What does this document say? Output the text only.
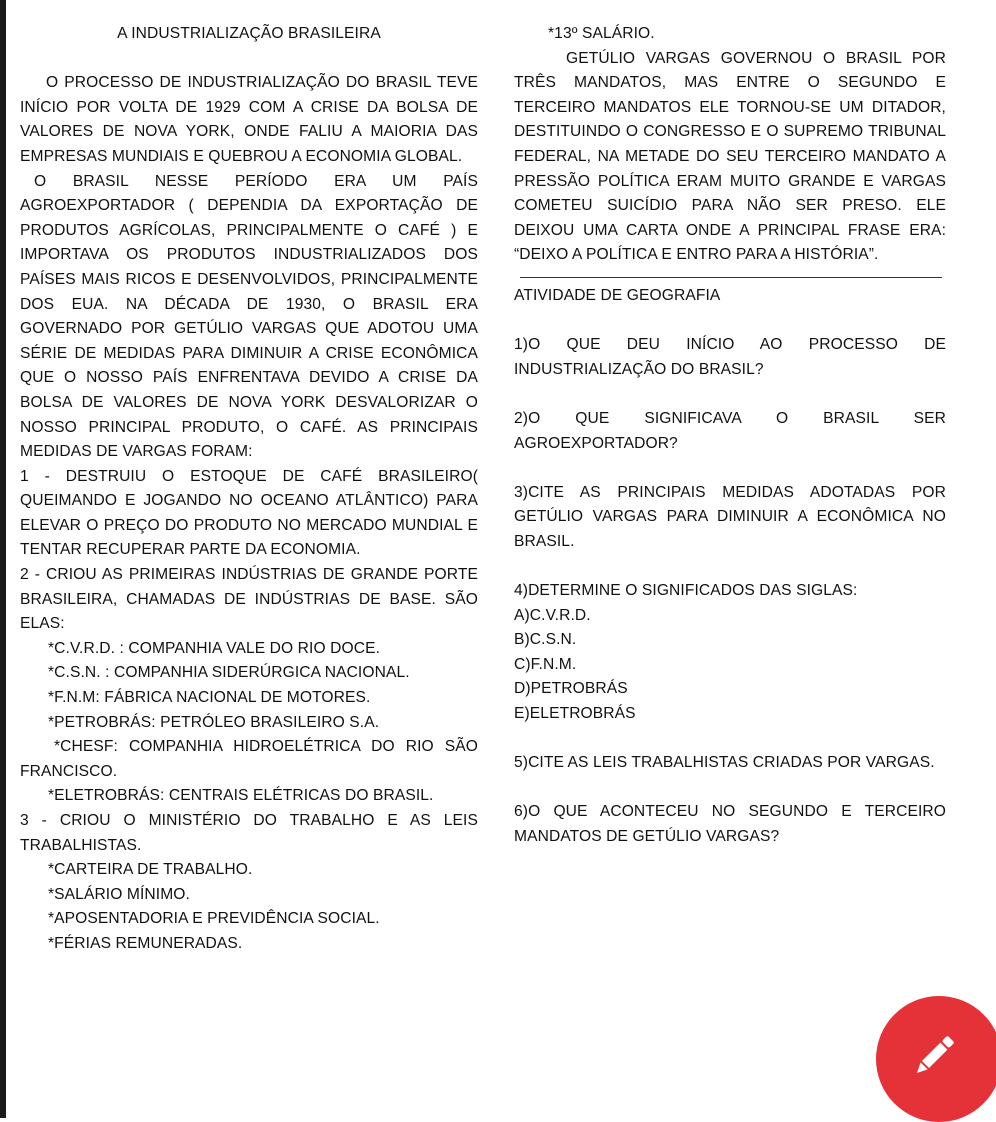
A INDUSTRIALIZAÇÃO BRASILEIRA

O PROCESSO DE INDUSTRIALIZAÇÃO DO BRASIL TEVE INÍCIO POR VOLTA DE 1929 COM A CRISE DA BOLSA DE VALORES DE NOVA YORK, ONDE FALIU A MAIORIA DAS EMPRESAS MUNDIAIS E QUEBROU A ECONOMIA GLOBAL.

O BRASIL NESSE PERÍODO ERA UM PAÍS AGROEXPORTADOR ( DEPENDIA DA EXPORTAÇÃO DE PRODUTOS AGRÍCOLAS, PRINCIPALMENTE O CAFÉ ) E IMPORTAVA OS PRODUTOS INDUSTRIALIZADOS DOS PAÍSES MAIS RICOS E DESENVOLVIDOS, PRINCIPALMENTE DOS EUA. NA DÉCADA DE 1930, O BRASIL ERA GOVERNADO POR GETÚLIO VARGAS QUE ADOTOU UMA SÉRIE DE MEDIDAS PARA DIMINUIR A CRISE ECONÔMICA QUE O NOSSO PAÍS ENFRENTAVA DEVIDO A CRISE DA BOLSA DE VALORES DE NOVA YORK DESVALORIZAR O NOSSO PRINCIPAL PRODUTO, O CAFÉ. AS PRINCIPAIS MEDIDAS DE VARGAS FORAM:

1 - DESTRUIU O ESTOQUE DE CAFÉ BRASILEIRO( QUEIMANDO E JOGANDO NO OCEANO ATLÂNTICO) PARA ELEVAR O PREÇO DO PRODUTO NO MERCADO MUNDIAL E TENTAR RECUPERAR PARTE DA ECONOMIA.

2 - CRIOU AS PRIMEIRAS INDÚSTRIAS DE GRANDE PORTE BRASILEIRA, CHAMADAS DE INDÚSTRIAS DE BASE. SÃO ELAS:

*C.V.R.D. : COMPANHIA VALE DO RIO DOCE.

*C.S.N. : COMPANHIA SIDERÚRGICA NACIONAL.

*F.N.M: FÁBRICA NACIONAL DE MOTORES.

*PETROBRÁS: PETRÓLEO BRASILEIRO S.A.

*CHESF: COMPANHIA HIDROELÉTRICA DO RIO SÃO FRANCISCO.

*ELETROBRÁS: CENTRAIS ELÉTRICAS DO BRASIL.

3 - CRIOU O MINISTÉRIO DO TRABALHO E AS LEIS TRABALHISTAS.

*CARTEIRA DE TRABALHO.

*SALÁRIO MÍNIMO.

*APOSENTADORIA E PREVIDÊNCIA SOCIAL.

*FÉRIAS REMUNERADAS.

*13º SALÁRIO.

GETÚLIO VARGAS GOVERNOU O BRASIL POR TRÊS MANDATOS, MAS ENTRE O SEGUNDO E TERCEIRO MANDATOS ELE TORNOU-SE UM DITADOR, DESTITUINDO O CONGRESSO E O SUPREMO TRIBUNAL FEDERAL, NA METADE DO SEU TERCEIRO MANDATO A PRESSÃO POLÍTICA ERAM MUITO GRANDE E VARGAS COMETEU SUICÍDIO PARA NÃO SER PRESO. ELE DEIXOU UMA CARTA ONDE A PRINCIPAL FRASE ERA: “DEIXO A POLÍTICA E ENTRO PARA A HISTÓRIA”.

ATIVIDADE DE GEOGRAFIA

1)O QUE DEU INÍCIO AO PROCESSO DE INDUSTRIALIZAÇÃO DO BRASIL?

2)O QUE SIGNIFICAVA O BRASIL SER AGROEXPORTADOR?

3)CITE AS PRINCIPAIS MEDIDAS ADOTADAS POR GETÚLIO VARGAS PARA DIMINUIR A ECONÔMICA NO BRASIL.

4)DETERMINE O SIGNIFICADOS DAS SIGLAS:

A)C.V.R.D.

B)C.S.N.

C)F.N.M.

D)PETROBRÁS

E)ELETROBRÁS

5)CITE AS LEIS TRABALHISTAS CRIADAS POR VARGAS.

6)O QUE ACONTECEU NO SEGUNDO E TERCEIRO MANDATOS DE GETÚLIO VARGAS?
